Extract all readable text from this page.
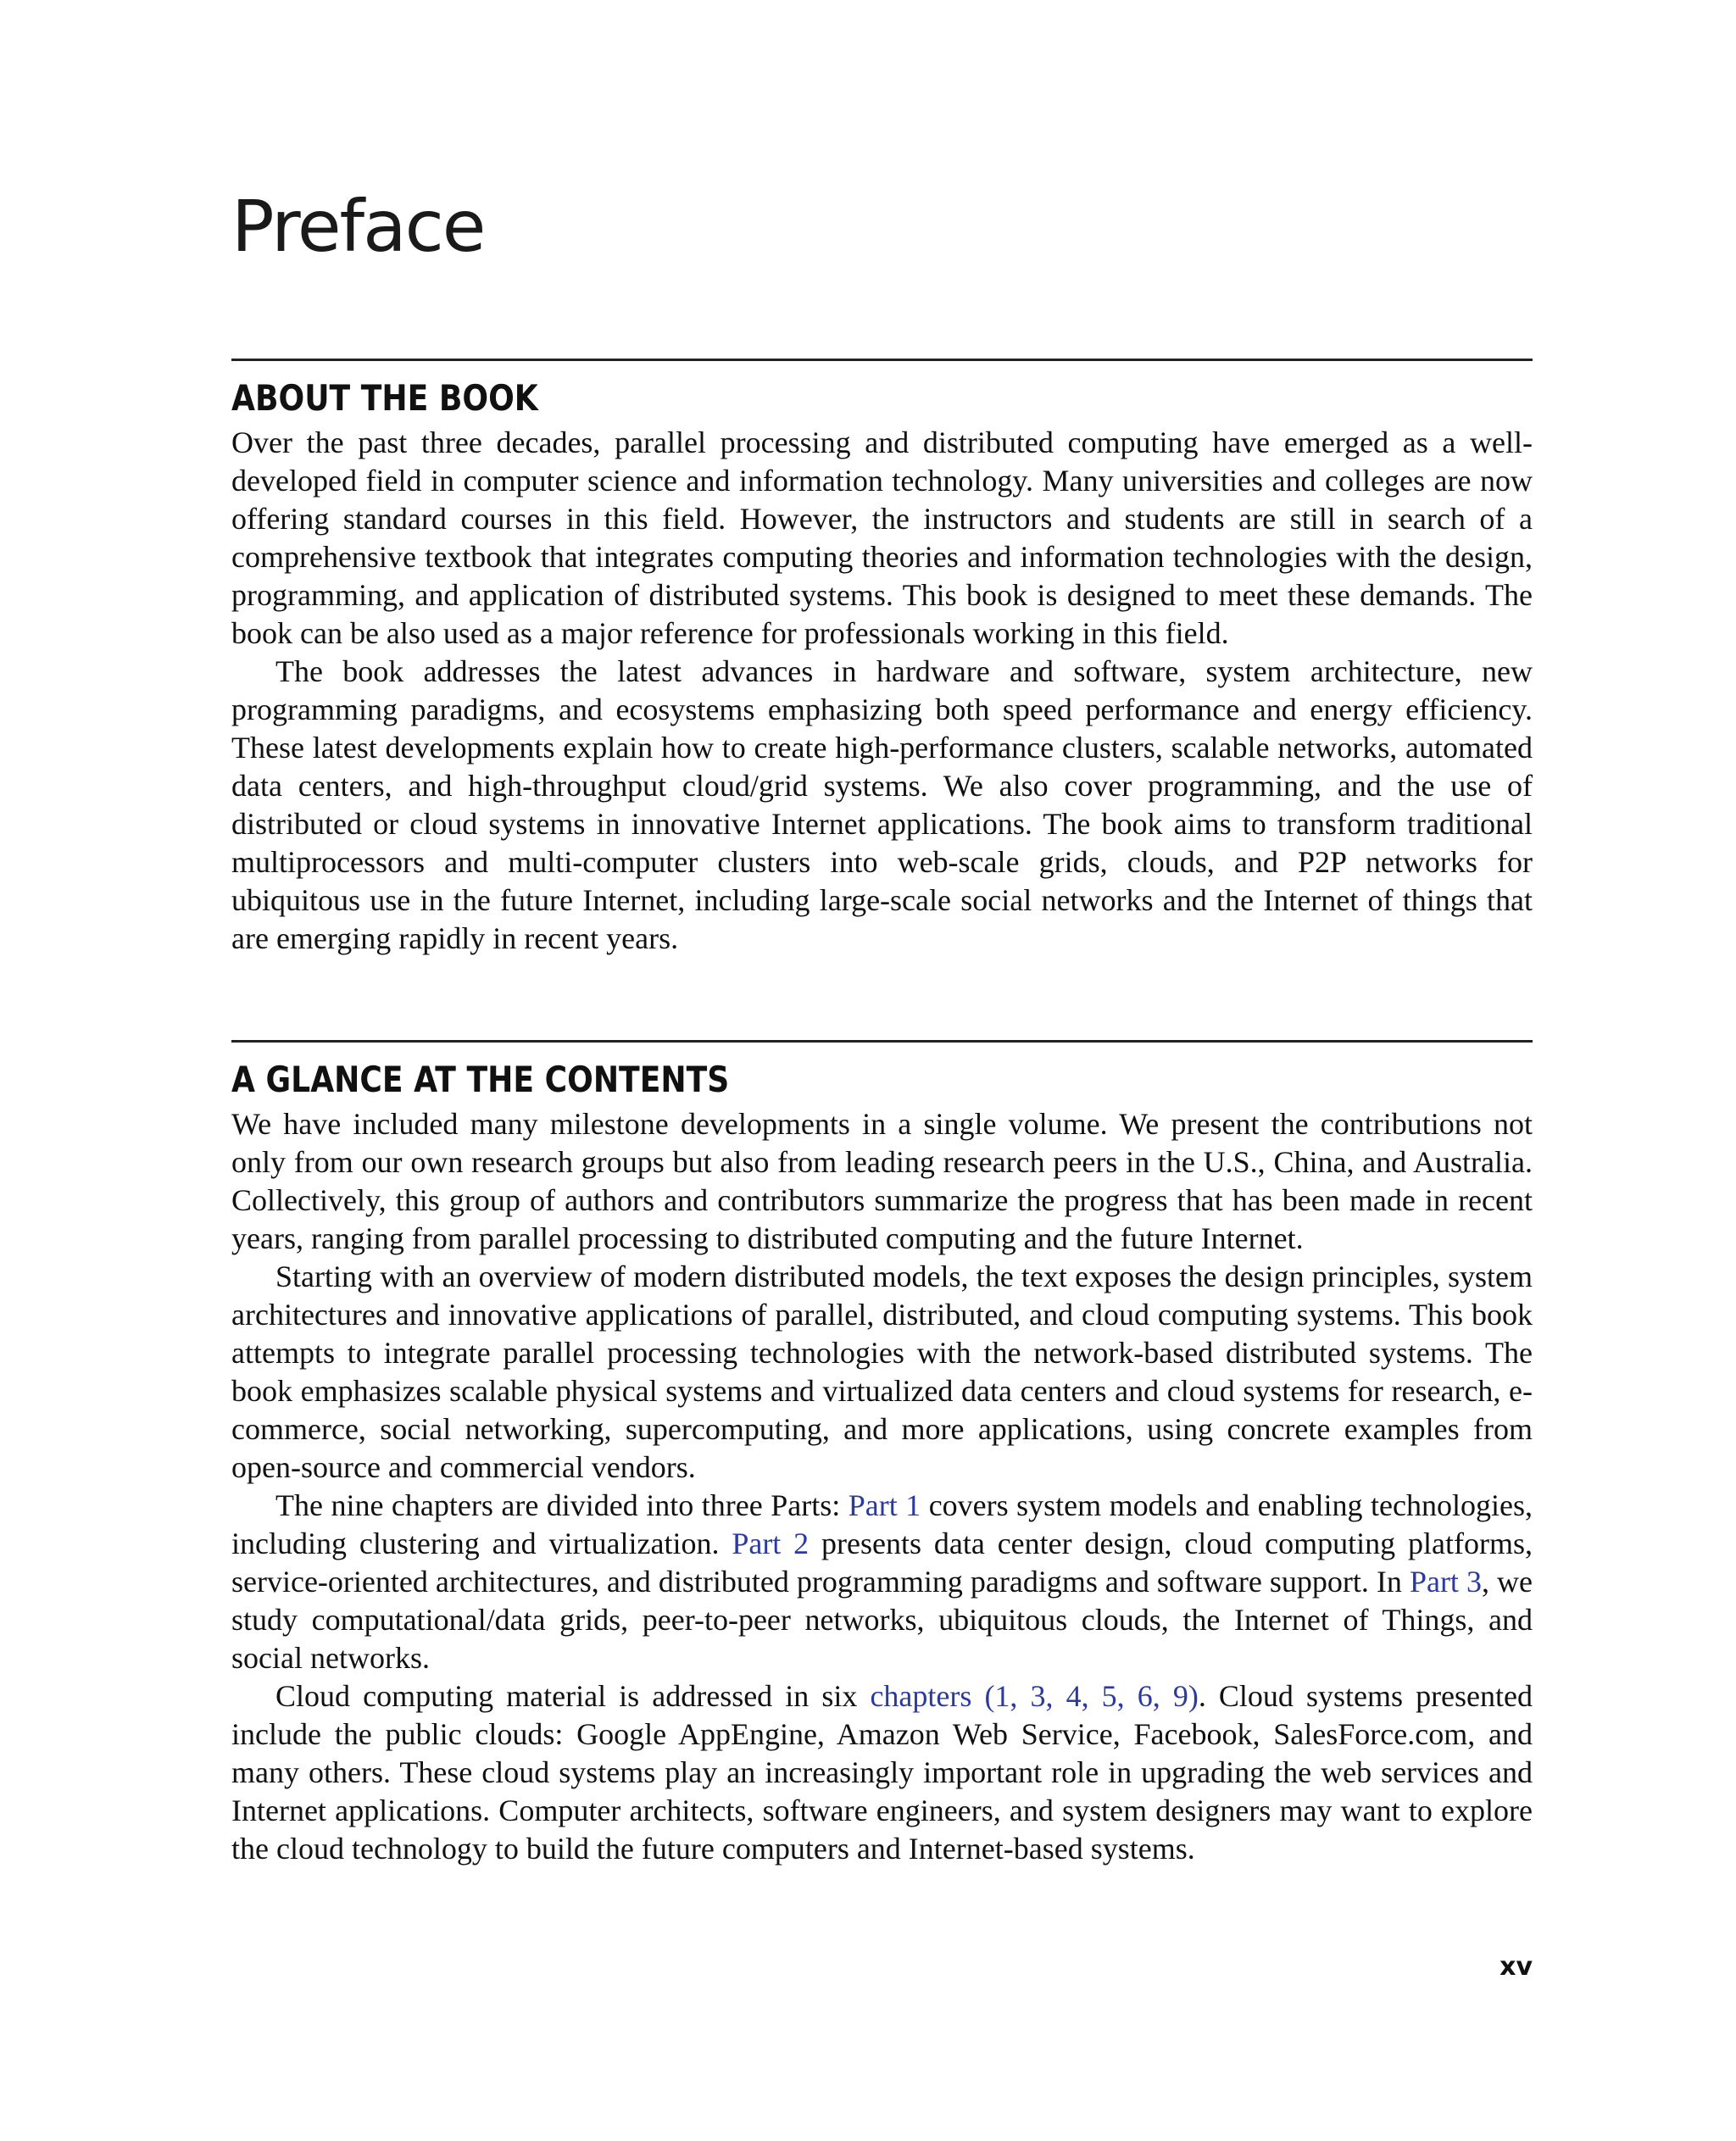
Preface
ABOUT THE BOOK

Over the past three decades, parallel processing and distributed computing have emerged as a well-developed field in computer science and information technology. Many universities and colleges are now offering standard courses in this field. However, the instructors and students are still in search of a comprehensive textbook that integrates computing theories and information technologies with the design, programming, and application of distributed systems. This book is designed to meet these demands. The book can be also used as a major reference for professionals working in this field.

The book addresses the latest advances in hardware and software, system architecture, new programming paradigms, and ecosystems emphasizing both speed performance and energy efficiency. These latest developments explain how to create high-performance clusters, scalable networks, automated data centers, and high-throughput cloud/grid systems. We also cover programming, and the use of distributed or cloud systems in innovative Internet applications. The book aims to transform traditional multiprocessors and multi-computer clusters into web-scale grids, clouds, and P2P networks for ubiquitous use in the future Internet, including large-scale social networks and the Internet of things that are emerging rapidly in recent years.

A GLANCE AT THE CONTENTS

We have included many milestone developments in a single volume. We present the contributions not only from our own research groups but also from leading research peers in the U.S., China, and Australia. Collectively, this group of authors and contributors summarize the progress that has been made in recent years, ranging from parallel processing to distributed computing and the future Internet.

Starting with an overview of modern distributed models, the text exposes the design principles, system architectures and innovative applications of parallel, distributed, and cloud computing systems. This book attempts to integrate parallel processing technologies with the network-based distributed systems. The book emphasizes scalable physical systems and virtualized data centers and cloud systems for research, e-commerce, social networking, supercomputing, and more applications, using concrete examples from open-source and commercial vendors.

The nine chapters are divided into three Parts: Part 1 covers system models and enabling technologies, including clustering and virtualization. Part 2 presents data center design, cloud computing platforms, service-oriented architectures, and distributed programming paradigms and software support. In Part 3, we study computational/data grids, peer-to-peer networks, ubiquitous clouds, the Internet of Things, and social networks.

Cloud computing material is addressed in six chapters (1, 3, 4, 5, 6, 9). Cloud systems presented include the public clouds: Google AppEngine, Amazon Web Service, Facebook, SalesForce.com, and many others. These cloud systems play an increasingly important role in upgrading the web services and Internet applications. Computer architects, software engineers, and system designers may want to explore the cloud technology to build the future computers and Internet-based systems.

xv
